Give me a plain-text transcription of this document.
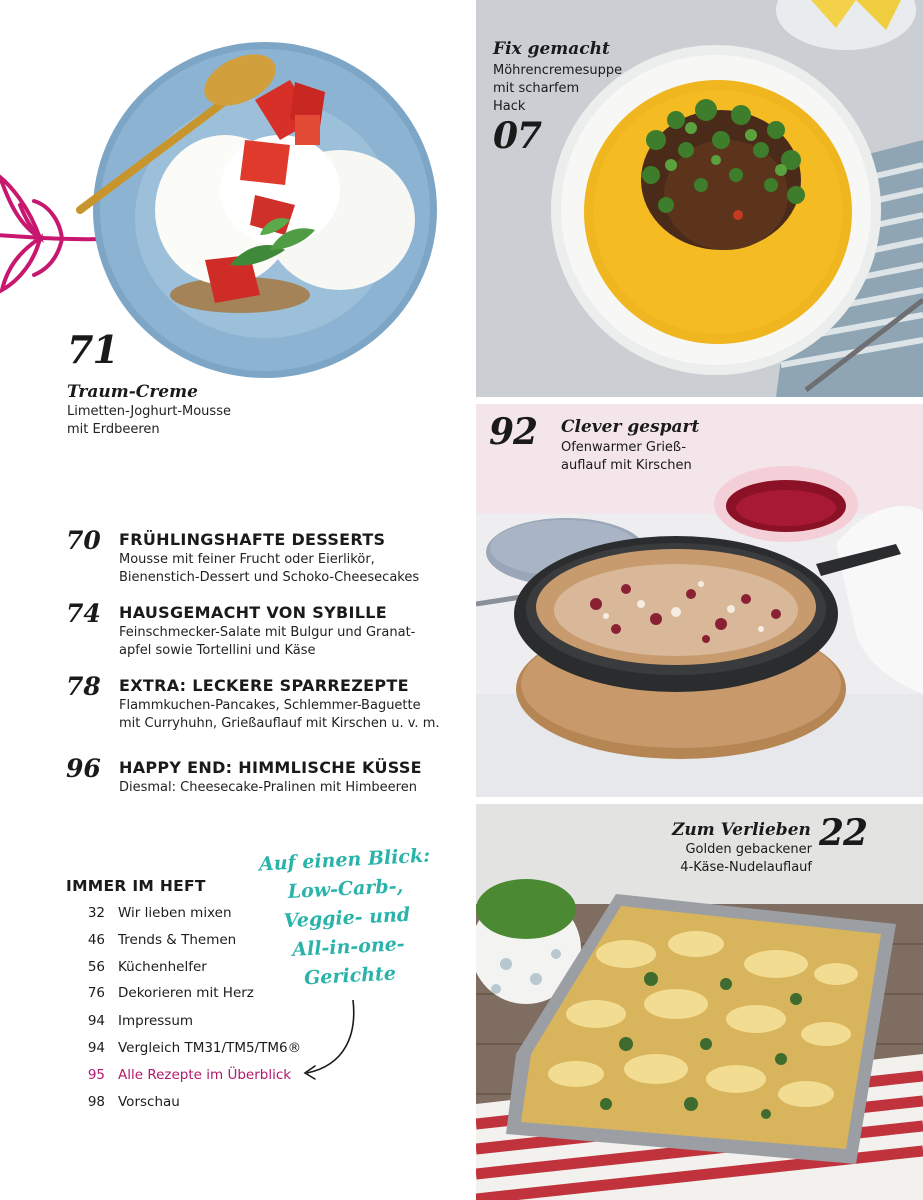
71
Traum-Creme
Limetten-Joghurt-Mousse
mit Erdbeeren
70	FRÜHLINGSHAFTE DESSERTS
Mousse mit feiner Frucht oder Eierlikör,
Bienenstich-Dessert und Schoko-Cheesecakes
74	HAUSGEMACHT VON SYBILLE
Feinschmecker-Salate mit Bulgur und Granat-
apfel sowie Tortellini und Käse
78	EXTRA: LECKERE SPARREZEPTE
Flammkuchen-Pancakes, Schlemmer-Baguette
mit Curryhuhn, Grießauflauf mit Kirschen u. v. m.
96	HAPPY END: HIMMLISCHE KÜSSE
Diesmal: Cheesecake-Pralinen mit Himbeeren
IMMER IM HEFT
32 Wir lieben mixen
46 Trends & Themen
56 Küchenhelfer
76 Dekorieren mit Herz
94 Impressum
94 Vergleich TM31/TM5/TM6®
95 Alle Rezepte im Überblick
98 Vorschau
Auf einen Blick:
Low-Carb-,
Veggie- und
All-in-one-
Gerichte
Fix gemacht
Möhrencremesuppe
mit scharfem
Hack
07
92 Clever gespart
Ofenwarmer Grieß-
auflauf mit Kirschen
Zum Verlieben 22
Golden gebackener
4-Käse-Nudelauflauf
